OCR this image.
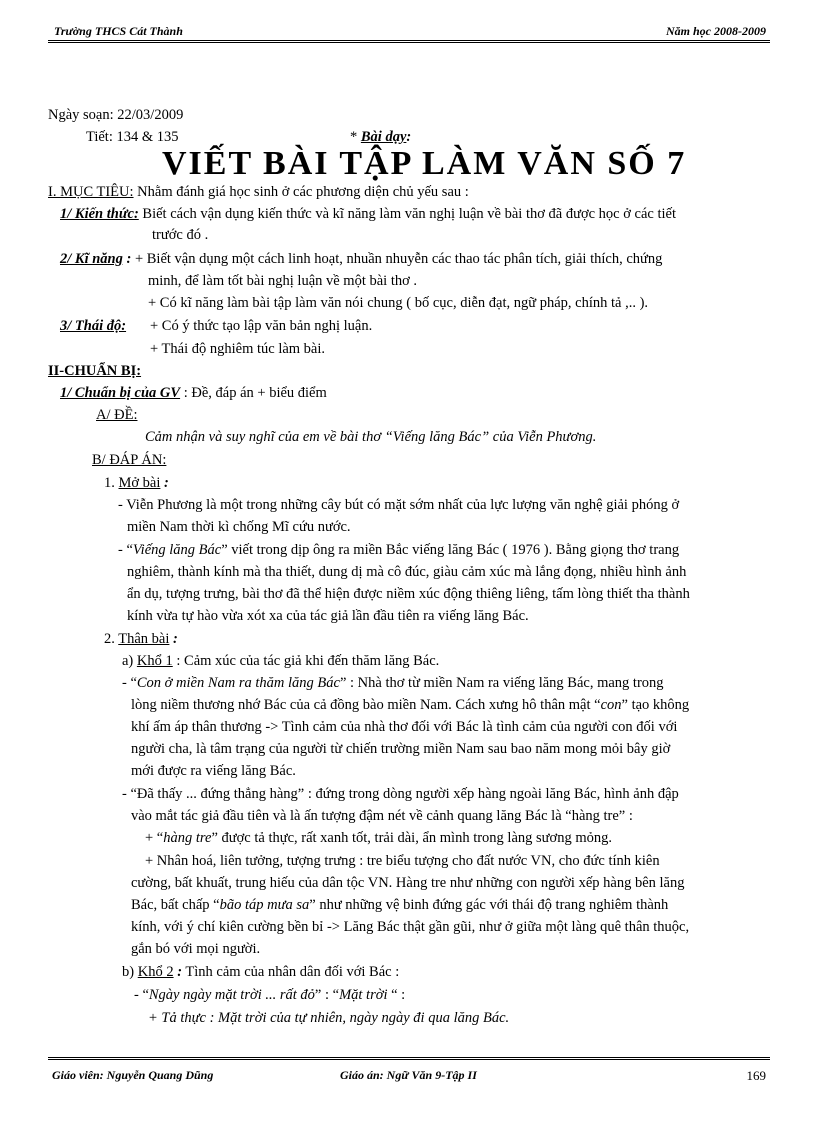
Trường THCS Cát Thành	Năm học 2008-2009
Ngày soạn: 22/03/2009
Tiết: 134 & 135	* Bài dạy:
VIẾT BÀI TẬP LÀM VĂN SỐ 7
I. MỤC TIÊU: Nhằm đánh giá học sinh ở các phương diện chủ yếu sau :
1/ Kiến thức: Biết cách vận dụng kiến thức và kĩ năng làm văn nghị luận về bài thơ đã được học ở các tiết
trước đó .
2/ Kĩ năng : + Biết vận dụng một cách linh hoạt, nhuần nhuyễn các thao tác phân tích, giải thích, chứng
minh, để làm tốt bài nghị luận về một bài thơ .
+ Có kĩ năng làm bài tập làm văn nói chung ( bố cục, diễn đạt, ngữ pháp, chính tả ,.. ).
3/ Thái độ: + Có ý thức tạo lập văn bản nghị luận.
+ Thái độ nghiêm túc làm bài.
II-CHUẨN BỊ:
1/ Chuẩn bị của GV : Đề, đáp án + biểu điểm
A/ ĐỀ:
Cảm nhận và suy nghĩ của em về bài thơ “Viếng lăng Bác” của Viễn Phương.
B/ ĐÁP ÁN:
1. Mở bài :
- Viễn Phương là một trong những cây bút có mặt sớm nhất của lực lượng văn nghệ giải phóng ở
miền Nam thời kì chống Mĩ cứu nước.
- “Viếng lăng Bác” viết trong dịp ông ra miền Bắc viếng lăng Bác ( 1976 ). Bằng giọng thơ trang
nghiêm, thành kính mà tha thiết, dung dị mà cô đúc, giàu cảm xúc mà lắng đọng, nhiều hình ảnh
ẩn dụ, tượng trưng, bài thơ đã thể hiện được niềm xúc động thiêng liêng, tấm lòng thiết tha thành
kính vừa tự hào vừa xót xa của tác giả lần đầu tiên ra viếng lăng Bác.
2. Thân bài :
a) Khổ 1 : Cảm xúc của tác giả khi đến thăm lăng Bác.
- “Con ở miền Nam ra thăm lăng Bác” : Nhà thơ từ miền Nam ra viếng lăng Bác, mang trong
lòng niềm thương nhớ Bác của cả đồng bào miền Nam. Cách xưng hô thân mật “con” tạo không
khí ấm áp thân thương -> Tình cảm của nhà thơ đối với Bác là tình cảm của người con đối với
người cha, là tâm trạng của người từ chiến trường miền Nam sau bao năm mong mỏi bây giờ
mới được ra viếng lăng Bác.
- “Đã thấy ... đứng thẳng hàng” : đứng trong dòng người xếp hàng ngoài lăng Bác, hình ảnh đập
vào mắt tác giả đầu tiên và là ấn tượng đậm nét về cảnh quang lăng Bác là “hàng tre” :
+ “hàng tre” được tả thực, rất xanh tốt, trải dài, ẩn mình trong làng sương mỏng.
+ Nhân hoá, liên tưởng, tượng trưng : tre biểu tượng cho đất nước VN, cho đức tính kiên
cường, bất khuất, trung hiếu của dân tộc VN. Hàng tre như những con người xếp hàng bên lăng
Bác, bất chấp “bão táp mưa sa” như những vệ binh đứng gác với thái độ trang nghiêm thành
kính, với ý chí kiên cường bền bỉ -> Lăng Bác thật gần gũi, như ở giữa một làng quê thân thuộc,
gắn bó với mọi người.
b) Khổ 2 : Tình cảm của nhân dân đối với Bác :
- “Ngày ngày mặt trời ... rất đỏ” : “Mặt trời “ :
+ Tả thực : Mặt trời của tự nhiên, ngày ngày đi qua lăng Bác.
Giáo viên: Nguyễn Quang Dũng	Giáo án: Ngữ Văn 9-Tập II	169
